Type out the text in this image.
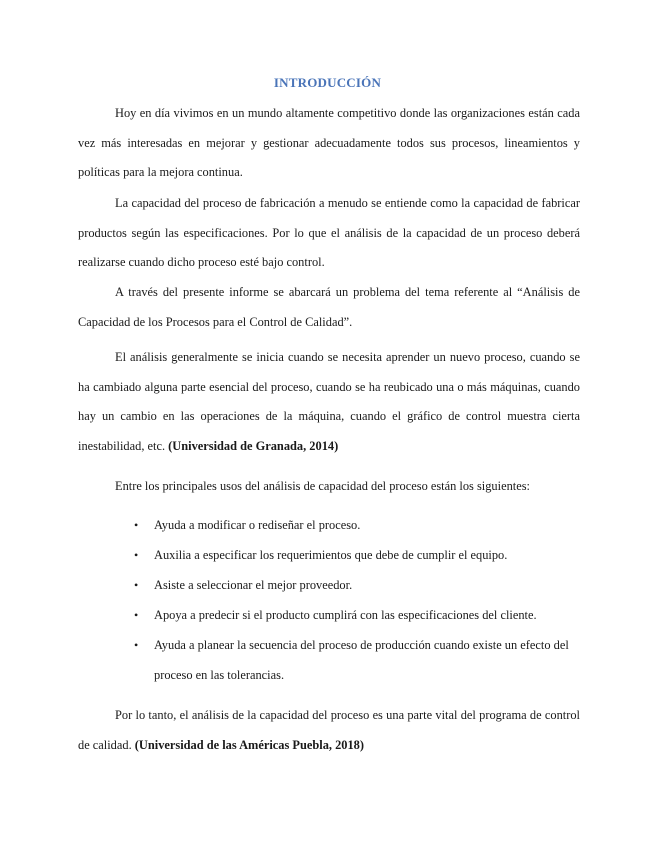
INTRODUCCIÓN

Hoy en día vivimos en un mundo altamente competitivo donde las organizaciones están cada vez más interesadas en mejorar y gestionar adecuadamente todos sus procesos, lineamientos y políticas para la mejora continua.

La capacidad del proceso de fabricación a menudo se entiende como la capacidad de fabricar productos según las especificaciones. Por lo que el análisis de la capacidad de un proceso deberá realizarse cuando dicho proceso esté bajo control.

A través del presente informe se abarcará un problema del tema referente al “Análisis de Capacidad de los Procesos para el Control de Calidad”.

El análisis generalmente se inicia cuando se necesita aprender un nuevo proceso, cuando se ha cambiado alguna parte esencial del proceso, cuando se ha reubicado una o más máquinas, cuando hay un cambio en las operaciones de la máquina, cuando el gráfico de control muestra cierta inestabilidad, etc. (Universidad de Granada, 2014)

Entre los principales usos del análisis de capacidad del proceso están los siguientes:

• Ayuda a modificar o rediseñar el proceso.
• Auxilia a especificar los requerimientos que debe de cumplir el equipo.
• Asiste a seleccionar el mejor proveedor.
• Apoya a predecir si el producto cumplirá con las especificaciones del cliente.
• Ayuda a planear la secuencia del proceso de producción cuando existe un efecto del proceso en las tolerancias.

Por lo tanto, el análisis de la capacidad del proceso es una parte vital del programa de control de calidad. (Universidad de las Américas Puebla, 2018)
